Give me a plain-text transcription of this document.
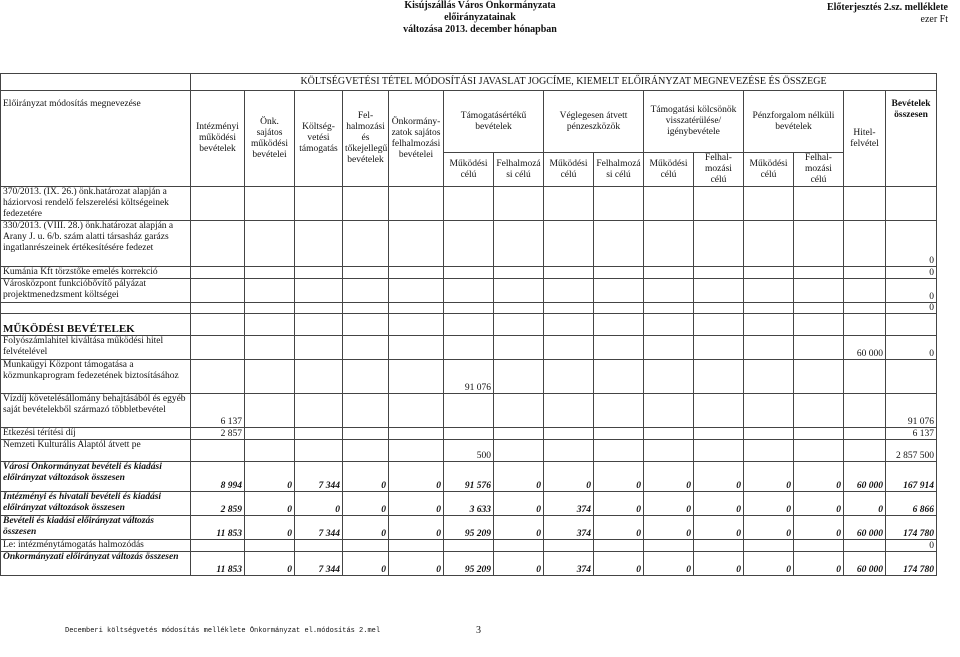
Kisújszállás Város Önkormányzata
előirányzatainak
változása 2013. december hónapban
Előterjesztés 2.sz. melléklete
ezer Ft
	KÖLTSÉGVETÉSI TÉTEL MÓDOSÍTÁSI JAVASLAT JOGCÍME, KIEMELT ELŐIRÁNYZAT MEGNEVEZÉSE ÉS ÖSSZEGE														
Előirányzat módosítás megnevezése	Intézményi működési bevételek	Önk. sajátos működési bevételei	Költség-vetési támogatás	Fel-halmozási és tőkejellegű bevételek	Önkormány-zatok sajátos felhalmozási bevételei	Támogatásértékű bevételek		Véglegesen átvett pénzeszközök		Támogatási kölcsönök visszatérülése/ igénybevétele		Pénzforgalom nélküli bevételek		Hitel-felvétel	Bevételek összesen
						Működési célú	Felhalmozá si célú	Működési célú	Felhalmozá si célú	Működési célú	Felhal-mozási célú	Működési célú	Felhal-mozási célú		
370/2013. (IX. 26.) önk.határozat alapján a háziorvosi rendelő felszerelési költségeinek fedezetére															
330/2013. (VIII. 28.) önk.határozat alapján a Arany J. u. 6/b. szám alatti társasház garázs ingatlanrészeinek értékesítésére fedezet															0
Kumánia Kft törzstőke emelés korrekció															0
Városközpont funkcióbővítő pályázat projektmenedzsment költségei															0
															0
MŰKÖDÉSI BEVÉTELEK															
Folyószámlahitel kiváltása működési hitel felvételével														60 000	0
Munkaügyi Központ támogatása a közmunkaprogram fedezetének biztosításához						91 076									
Vízdíj követelésállomány behajtásából és egyéb saját bevételekből származó többletbevétel	6 137														91 076
Étkezési térítési díj	2 857														6 137
Nemzeti Kulturális Alaptól átvett pe						500									2 857 500
Városi Önkormányzat bevételi és kiadási előirányzat változások összesen	8 994	0	7 344	0	0	91 576	0	0	0	0	0	0	0	60 000	167 914
Intézményi és hivatali bevételi és kiadási előirányzat változások összesen	2 859	0	0	0	0	3 633	0	374	0	0	0	0	0	0	6 866
Bevételi és kiadási előirányzat változás összesen	11 853	0	7 344	0	0	95 209	0	374	0	0	0	0	0	60 000	174 780
Le: intézménytámogatás halmozódás															0
Önkormányzati előirányzat változás összesen	11 853	0	7 344	0	0	95 209	0	374	0	0	0	0	0	60 000	174 780
Decemberi költségvetés módosítás melléklete Önkormányzat el.módosítás 2.mel	3
